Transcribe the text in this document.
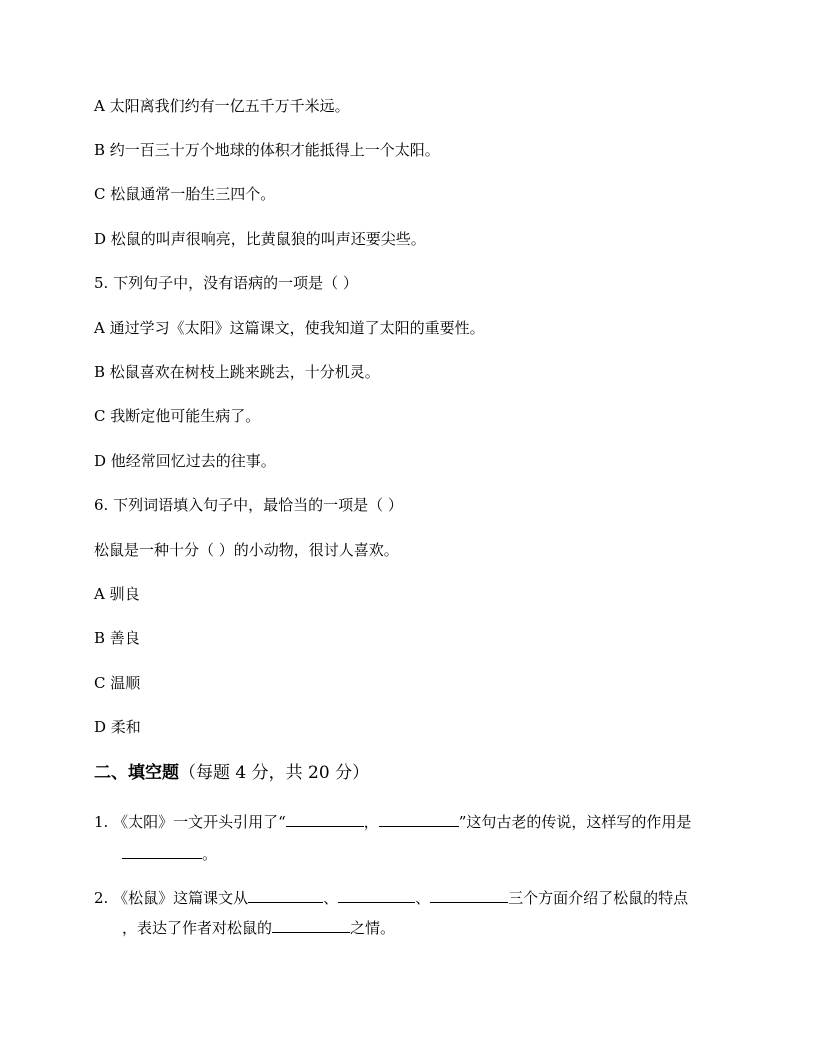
A 太阳离我们约有一亿五千万千米远。
B 约一百三十万个地球的体积才能抵得上一个太阳。
C 松鼠通常一胎生三四个。
D 松鼠的叫声很响亮，比黄鼠狼的叫声还要尖些。
5. 下列句子中，没有语病的一项是（ ）
A 通过学习《太阳》这篇课文，使我知道了太阳的重要性。
B 松鼠喜欢在树枝上跳来跳去，十分机灵。
C 我断定他可能生病了。
D 他经常回忆过去的往事。
6. 下列词语填入句子中，最恰当的一项是（ ）
松鼠是一种十分（ ）的小动物，很讨人喜欢。
A 驯良
B 善良
C 温顺
D 柔和
二、填空题（每题 4 分，共 20 分）
1. 《太阳》一文开头引用了“	，	”这句古老的传说，这样写的作用是
。
2. 《松鼠》这篇课文从	、	、	三个方面介绍了松鼠的特点
，表达了作者对松鼠的	之情。
